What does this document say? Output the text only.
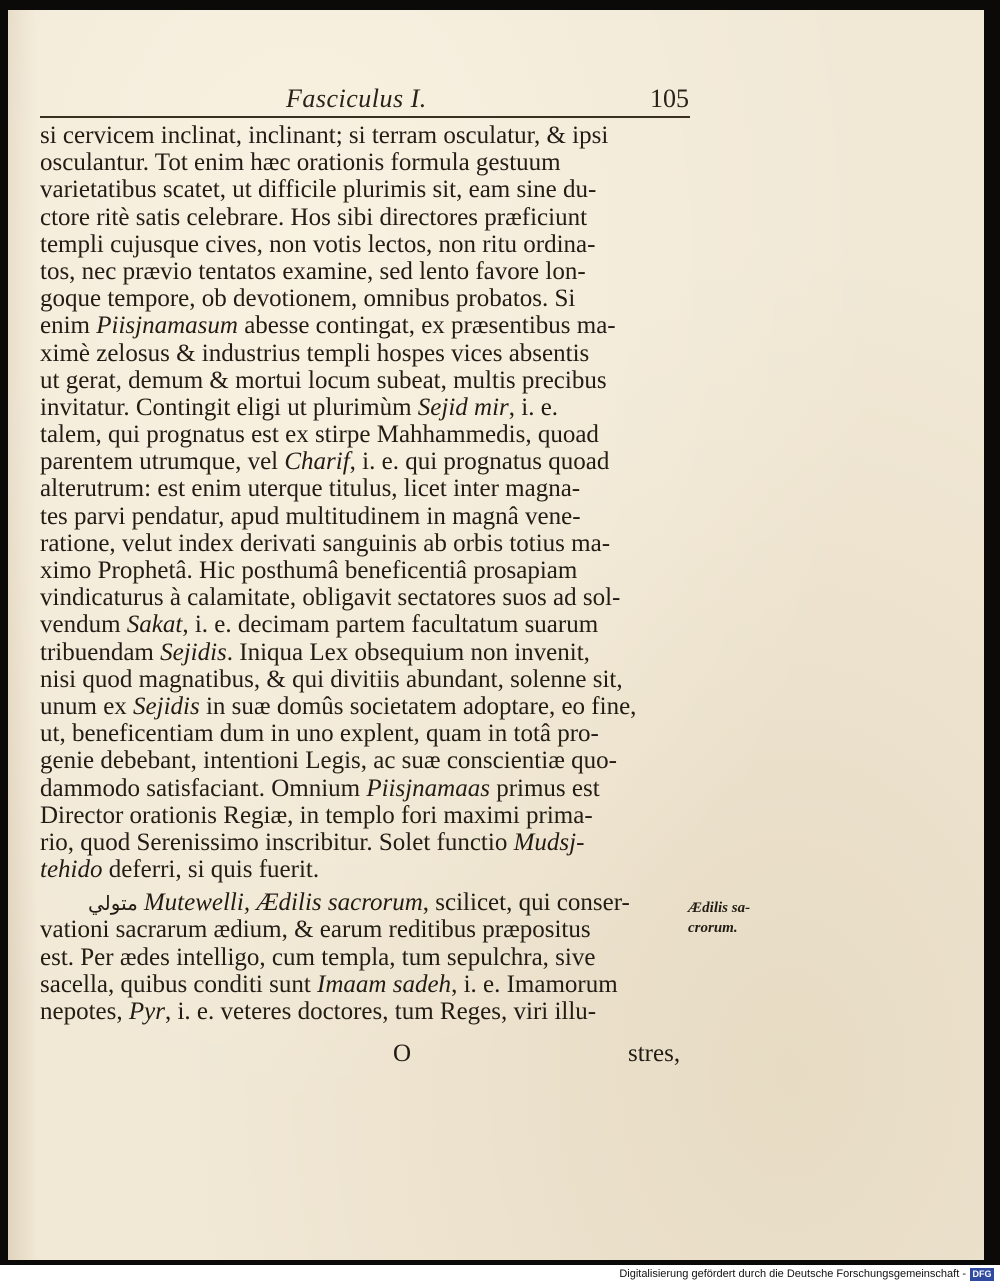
Fasciculus I.	105
si cervicem inclinat, inclinant; si terram osculatur, & ipsi
osculantur. Tot enim hæc orationis formula gestuum
varietatibus scatet, ut difficile plurimis sit, eam sine du-
ctore ritè satis celebrare. Hos sibi directores præficiunt
templi cujusque cives, non votis lectos, non ritu ordina-
tos, nec prævio tentatos examine, sed lento favore lon-
goque tempore, ob devotionem, omnibus probatos. Si
enim Piisjnamasum abesse contingat, ex præsentibus ma-
ximè zelosus & industrius templi hospes vices absentis
ut gerat, demum & mortui locum subeat, multis precibus
invitatur. Contingit eligi ut plurimùm Sejid mir, i. e.
talem, qui prognatus est ex stirpe Mahhammedis, quoad
parentem utrumque, vel Charif, i. e. qui prognatus quoad
alterutrum: est enim uterque titulus, licet inter magna-
tes parvi pendatur, apud multitudinem in magnâ vene-
ratione, velut index derivati sanguinis ab orbis totius ma-
ximo Prophetâ. Hic posthumâ beneficentiâ prosapiam
vindicaturus à calamitate, obligavit sectatores suos ad sol-
vendum Sakat, i. e. decimam partem facultatum suarum
tribuendam Sejidis. Iniqua Lex obsequium non invenit,
nisi quod magnatibus, & qui divitiis abundant, solenne sit,
unum ex Sejidis in suæ domûs societatem adoptare, eo fine,
ut, beneficentiam dum in uno explent, quam in totâ pro-
genie debebant, intentioni Legis, ac suæ conscientiæ quo-
dammodo satisfaciant. Omnium Piisjnamaas primus est
Director orationis Regiæ, in templo fori maximi prima-
rio, quod Serenissimo inscribitur. Solet functio Mudsj-
tehido deferri, si quis fuerit.
متولي Mutewelli, Ædilis sacrorum, scilicet, qui conser-
vationi sacrarum ædium, & earum reditibus præpositus
est. Per ædes intelligo, cum templa, tum sepulchra, sive
sacella, quibus conditi sunt Imaam sadeh, i. e. Imamorum
nepotes, Pyr, i. e. veteres doctores, tum Reges, viri illu-
Ædilis sa-
crorum.
O	stres,
Digitalisierung gefördert durch die Deutsche Forschungsgemeinschaft - DFG
